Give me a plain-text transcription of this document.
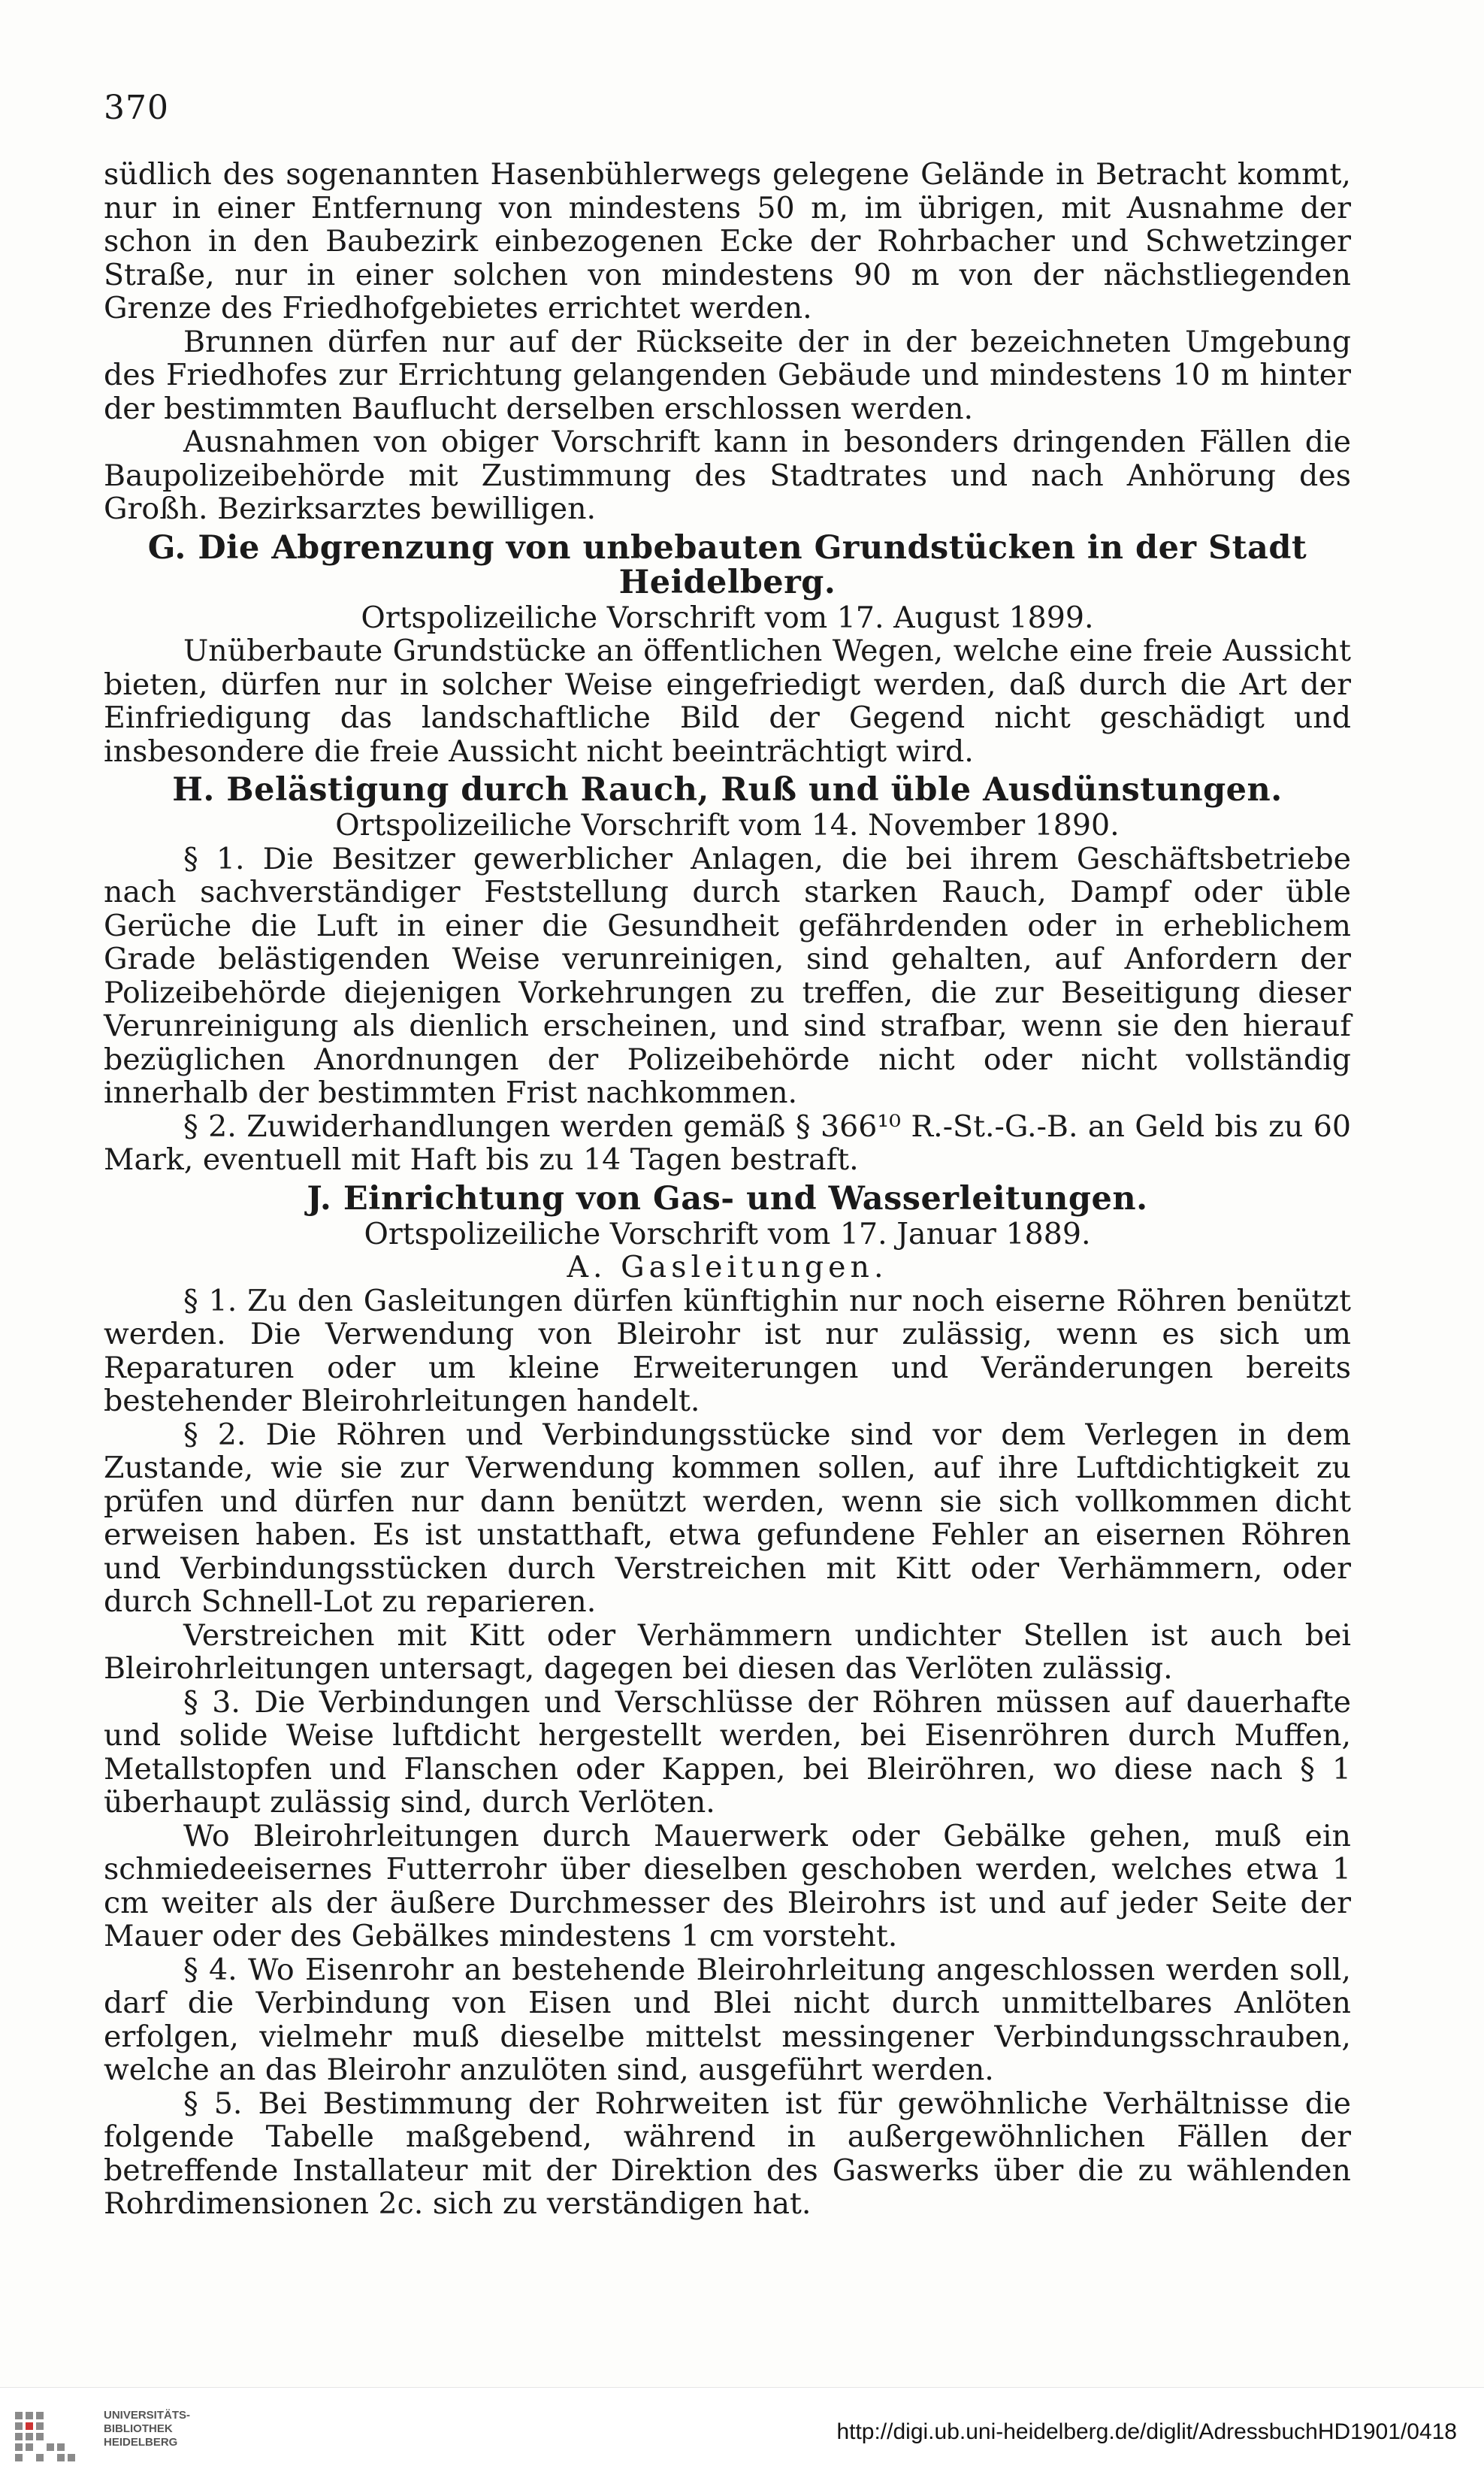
370

südlich des sogenannten Hasenbühlerwegs gelegene Gelände in Betracht kommt, nur in einer Entfernung von mindestens 50 m, im übrigen, mit Ausnahme der schon in den Baubezirk einbezogenen Ecke der Rohrbacher und Schwetzinger Straße, nur in einer solchen von mindestens 90 m von der nächstliegenden Grenze des Friedhofgebietes errichtet werden.

Brunnen dürfen nur auf der Rückseite der in der bezeichneten Umgebung des Friedhofes zur Errichtung gelangenden Gebäude und mindestens 10 m hinter der bestimmten Bauflucht derselben erschlossen werden.

Ausnahmen von obiger Vorschrift kann in besonders dringenden Fällen die Baupolizeibehörde mit Zustimmung des Stadtrates und nach Anhörung des Großh. Bezirksarztes bewilligen.

G. Die Abgrenzung von unbebauten Grundstücken in der Stadt Heidelberg.
Ortspolizeiliche Vorschrift vom 17. August 1899.

Unüberbaute Grundstücke an öffentlichen Wegen, welche eine freie Aussicht bieten, dürfen nur in solcher Weise eingefriedigt werden, daß durch die Art der Einfriedigung das landschaftliche Bild der Gegend nicht geschädigt und insbesondere die freie Aussicht nicht beeinträchtigt wird.

H. Belästigung durch Rauch, Ruß und üble Ausdünstungen.
Ortspolizeiliche Vorschrift vom 14. November 1890.

§ 1. Die Besitzer gewerblicher Anlagen, die bei ihrem Geschäftsbetriebe nach sachverständiger Feststellung durch starken Rauch, Dampf oder üble Gerüche die Luft in einer die Gesundheit gefährdenden oder in erheblichem Grade belästigenden Weise verunreinigen, sind gehalten, auf Anfordern der Polizeibehörde diejenigen Vorkehrungen zu treffen, die zur Beseitigung dieser Verunreinigung als dienlich erscheinen, und sind strafbar, wenn sie den hierauf bezüglichen Anordnungen der Polizeibehörde nicht oder nicht vollständig innerhalb der bestimmten Frist nachkommen.

§ 2. Zuwiderhandlungen werden gemäß § 366¹⁰ R.-St.-G.-B. an Geld bis zu 60 Mark, eventuell mit Haft bis zu 14 Tagen bestraft.

J. Einrichtung von Gas- und Wasserleitungen.
Ortspolizeiliche Vorschrift vom 17. Januar 1889.
A. Gasleitungen.

§ 1. Zu den Gasleitungen dürfen künftighin nur noch eiserne Röhren benützt werden. Die Verwendung von Bleirohr ist nur zulässig, wenn es sich um Reparaturen oder um kleine Erweiterungen und Veränderungen bereits bestehender Bleirohrleitungen handelt.

§ 2. Die Röhren und Verbindungsstücke sind vor dem Verlegen in dem Zustande, wie sie zur Verwendung kommen sollen, auf ihre Luftdichtigkeit zu prüfen und dürfen nur dann benützt werden, wenn sie sich vollkommen dicht erweisen haben. Es ist unstatthaft, etwa gefundene Fehler an eisernen Röhren und Verbindungsstücken durch Verstreichen mit Kitt oder Verhämmern, oder durch Schnell-Lot zu reparieren.

Verstreichen mit Kitt oder Verhämmern undichter Stellen ist auch bei Bleirohrleitungen untersagt, dagegen bei diesen das Verlöten zulässig.

§ 3. Die Verbindungen und Verschlüsse der Röhren müssen auf dauerhafte und solide Weise luftdicht hergestellt werden, bei Eisenröhren durch Muffen, Metallstopfen und Flanschen oder Kappen, bei Bleiröhren, wo diese nach § 1 überhaupt zulässig sind, durch Verlöten.

Wo Bleirohrleitungen durch Mauerwerk oder Gebälke gehen, muß ein schmiedeeisernes Futterrohr über dieselben geschoben werden, welches etwa 1 cm weiter als der äußere Durchmesser des Bleirohrs ist und auf jeder Seite der Mauer oder des Gebälkes mindestens 1 cm vorsteht.

§ 4. Wo Eisenrohr an bestehende Bleirohrleitung angeschlossen werden soll, darf die Verbindung von Eisen und Blei nicht durch unmittelbares Anlöten erfolgen, vielmehr muß dieselbe mittelst messingener Verbindungsschrauben, welche an das Bleirohr anzulöten sind, ausgeführt werden.

§ 5. Bei Bestimmung der Rohrweiten ist für gewöhnliche Verhältnisse die folgende Tabelle maßgebend, während in außergewöhnlichen Fällen der betreffende Installateur mit der Direktion des Gaswerks über die zu wählenden Rohrdimensionen 2c. sich zu verständigen hat.

UNIVERSITÄTS-
BIBLIOTHEK
HEIDELBERG	http://digi.ub.uni-heidelberg.de/diglit/AdressbuchHD1901/0418
